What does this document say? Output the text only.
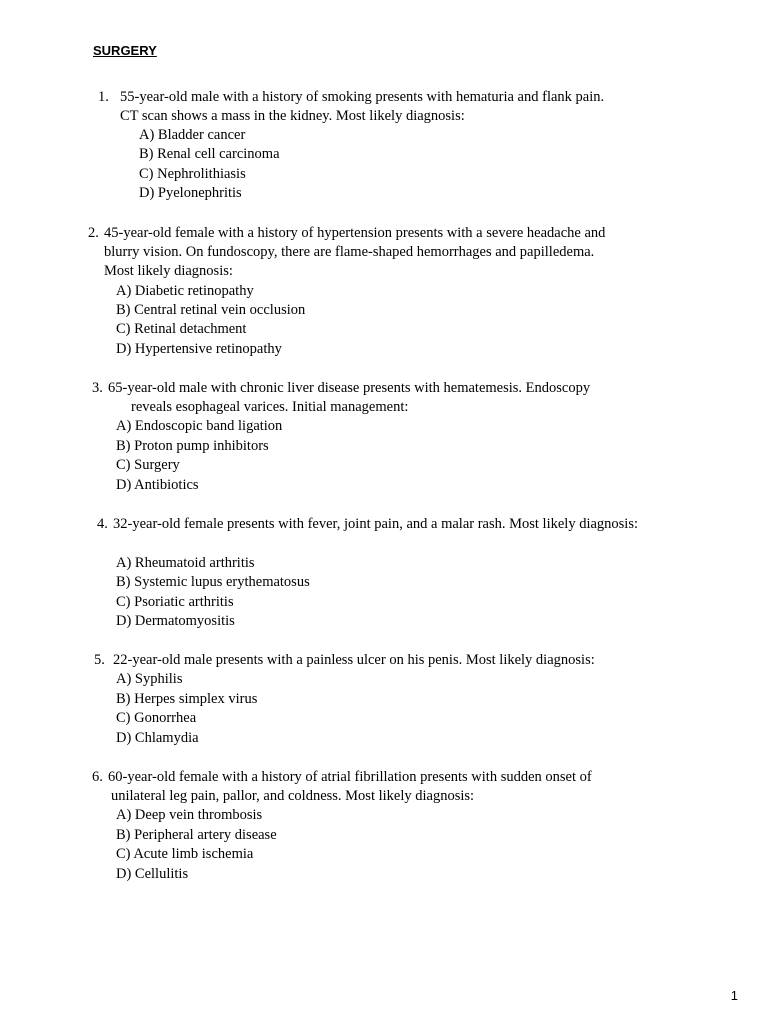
SURGERY
1. 55-year-old male with a history of smoking presents with hematuria and flank pain.
CT scan shows a mass in the kidney. Most likely diagnosis:
A) Bladder cancer
B) Renal cell carcinoma
C) Nephrolithiasis
D) Pyelonephritis
2. 45-year-old female with a history of hypertension presents with a severe headache and
blurry vision. On fundoscopy, there are flame-shaped hemorrhages and papilledema.
Most likely diagnosis:
A) Diabetic retinopathy
B) Central retinal vein occlusion
C) Retinal detachment
D) Hypertensive retinopathy
3. 65-year-old male with chronic liver disease presents with hematemesis. Endoscopy
reveals esophageal varices. Initial management:
A) Endoscopic band ligation
B) Proton pump inhibitors
C) Surgery
D) Antibiotics
4. 32-year-old female presents with fever, joint pain, and a malar rash. Most likely diagnosis:
A) Rheumatoid arthritis
B) Systemic lupus erythematosus
C) Psoriatic arthritis
D) Dermatomyositis
5. 22-year-old male presents with a painless ulcer on his penis. Most likely diagnosis:
A) Syphilis
B) Herpes simplex virus
C) Gonorrhea
D) Chlamydia
6. 60-year-old female with a history of atrial fibrillation presents with sudden onset of
unilateral leg pain, pallor, and coldness. Most likely diagnosis:
A) Deep vein thrombosis
B) Peripheral artery disease
C) Acute limb ischemia
D) Cellulitis
1
